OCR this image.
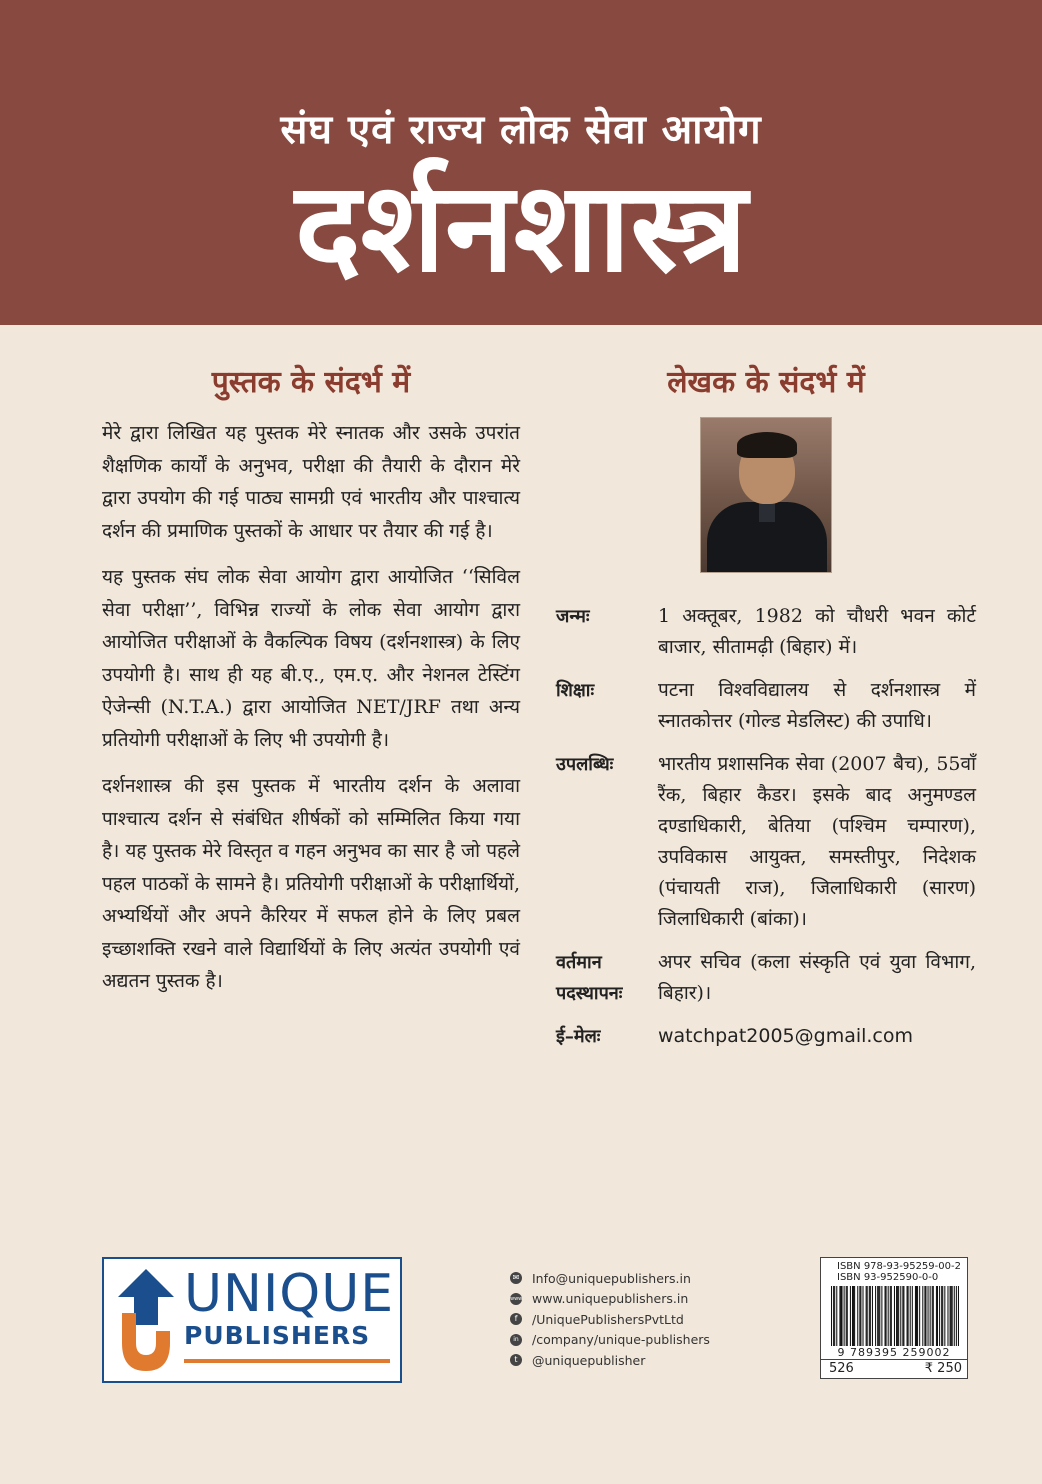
संघ एवं राज्य लोक सेवा आयोग
दर्शनशास्त्र
पुस्तक के संदर्भ में

मेरे द्वारा लिखित यह पुस्तक मेरे स्नातक और उसके उपरांत शैक्षणिक कार्यों के अनुभव, परीक्षा की तैयारी के दौरान मेरे द्वारा उपयोग की गई पाठ्य सामग्री एवं भारतीय और पाश्चात्य दर्शन की प्रमाणिक पुस्तकों के आधार पर तैयार की गई है।

यह पुस्तक संघ लोक सेवा आयोग द्वारा आयोजित ‘‘सिविल सेवा परीक्षा’’, विभिन्न राज्यों के लोक सेवा आयोग द्वारा आयोजित परीक्षाओं के वैकल्पिक विषय (दर्शनशास्त्र) के लिए उपयोगी है। साथ ही यह बी.ए., एम.ए. और नेशनल टेस्टिंग ऐजेन्सी (N.T.A.) द्वारा आयोजित NET/JRF तथा अन्य प्रतियोगी परीक्षाओं के लिए भी उपयोगी है।

दर्शनशास्त्र की इस पुस्तक में भारतीय दर्शन के अलावा पाश्चात्य दर्शन से संबंधित शीर्षकों को सम्मिलित किया गया है। यह पुस्तक मेरे विस्तृत व गहन अनुभव का सार है जो पहले पहल पाठकों के सामने है। प्रतियोगी परीक्षाओं के परीक्षार्थियों, अभ्यर्थियों और अपने कैरियर में सफल होने के लिए प्रबल इच्छाशक्ति रखने वाले विद्यार्थियों के लिए अत्यंत उपयोगी एवं अद्यतन पुस्तक है।

लेखक के संदर्भ में
जन्मः	1 अक्तूबर, 1982 को चौधरी भवन कोर्ट बाजार, सीतामढ़ी (बिहार) में।
शिक्षाः	पटना विश्वविद्यालय से दर्शनशास्त्र में स्नातकोत्तर (गोल्ड मेडलिस्ट) की उपाधि।
उपलब्धिः	भारतीय प्रशासनिक सेवा (2007 बैच), 55वाँ रैंक, बिहार कैडर। इसके बाद अनुमण्डल दण्डाधिकारी, बेतिया (पश्चिम चम्पारण), उपविकास आयुक्त, समस्तीपुर, निदेशक (पंचायती राज), जिलाधिकारी (सारण) जिलाधिकारी (बांका)।
वर्तमान पदस्थापनः
अपर सचिव (कला संस्कृति एवं युवा विभाग, बिहार)।
ई–मेलः	watchpat2005@gmail.com
UNIQUE
PUBLISHERS
✉ Info@uniquepublishers.in
www www.uniquepublishers.in
f	/UniquePublishersPvtLtd
in /company/unique-publishers
t	@uniquepublisher
ISBN 978-93-95259-00-2
ISBN 93-952590-0-0
9 789395 259002
526	₹ 250
